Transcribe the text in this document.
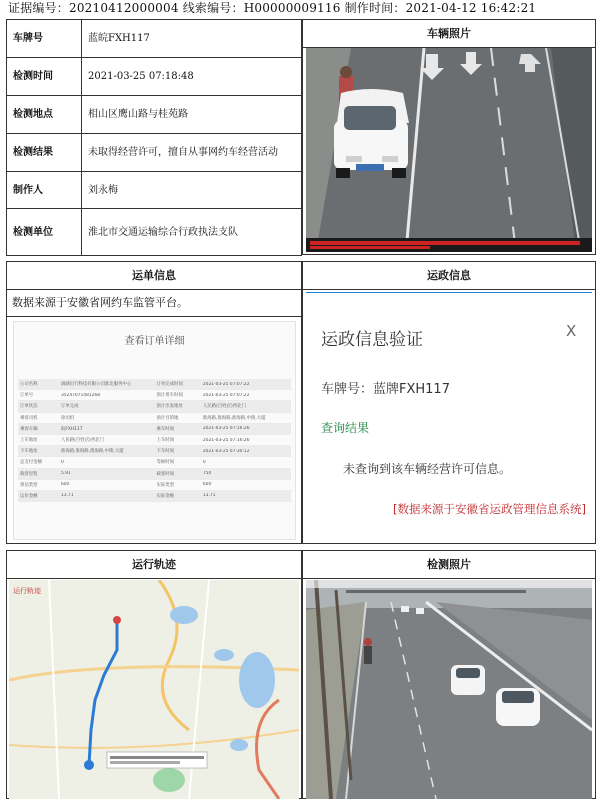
证据编号：20210412000004 线索编号：H00000009116 制作时间：2021-04-12 16:42:21
车牌号	蓝皖FXH117
检测时间	2021-03-25 07:18:48
检测地点	相山区鹰山路与桂苑路
检测结果	未取得经营许可，擅自从事网约车经营活动
制作人	刘永梅
检测单位	淮北市交通运输综合行政执法支队
车辆照片
运单信息
数据来源于安徽省网约车监管平台。
查看订单详细
公司名称	滴滴出行科技有限公司淮北服务中心	订单完成时间	2021-03-25 07:07:22
订单号	35247071481268	预计用车时间	2021-03-25 07:07:22
订单状态	订单完成	预计出发地址	人民路(百姓店)西北门
乘客司机	徐司机	预计目的地	淮海路,淮海路,淮海路,中街,大厦
乘客车辆	皖FXH117	乘车时间	2021-03-25 07:16:26
上车地址	人民路(百姓店)西北门	上车时间	2021-03-25 07:16:26
下车地址	淮海路,淮海路,淮海路,中街,大厦	下车时间	2021-03-25 07:30:12
总支付金额	0	等候时间	0
载客里程	5.91	载客时间	750
预估类型	600	实际类型	600
运价金额	13.71	实际金额	13.71
运政信息
运政信息验证	X
车牌号：蓝牌FXH117
查询结果
未查询到该车辆经营许可信息。
[数据来源于安徽省运政管理信息系统]
运行轨迹
运行轨迹
检测照片
